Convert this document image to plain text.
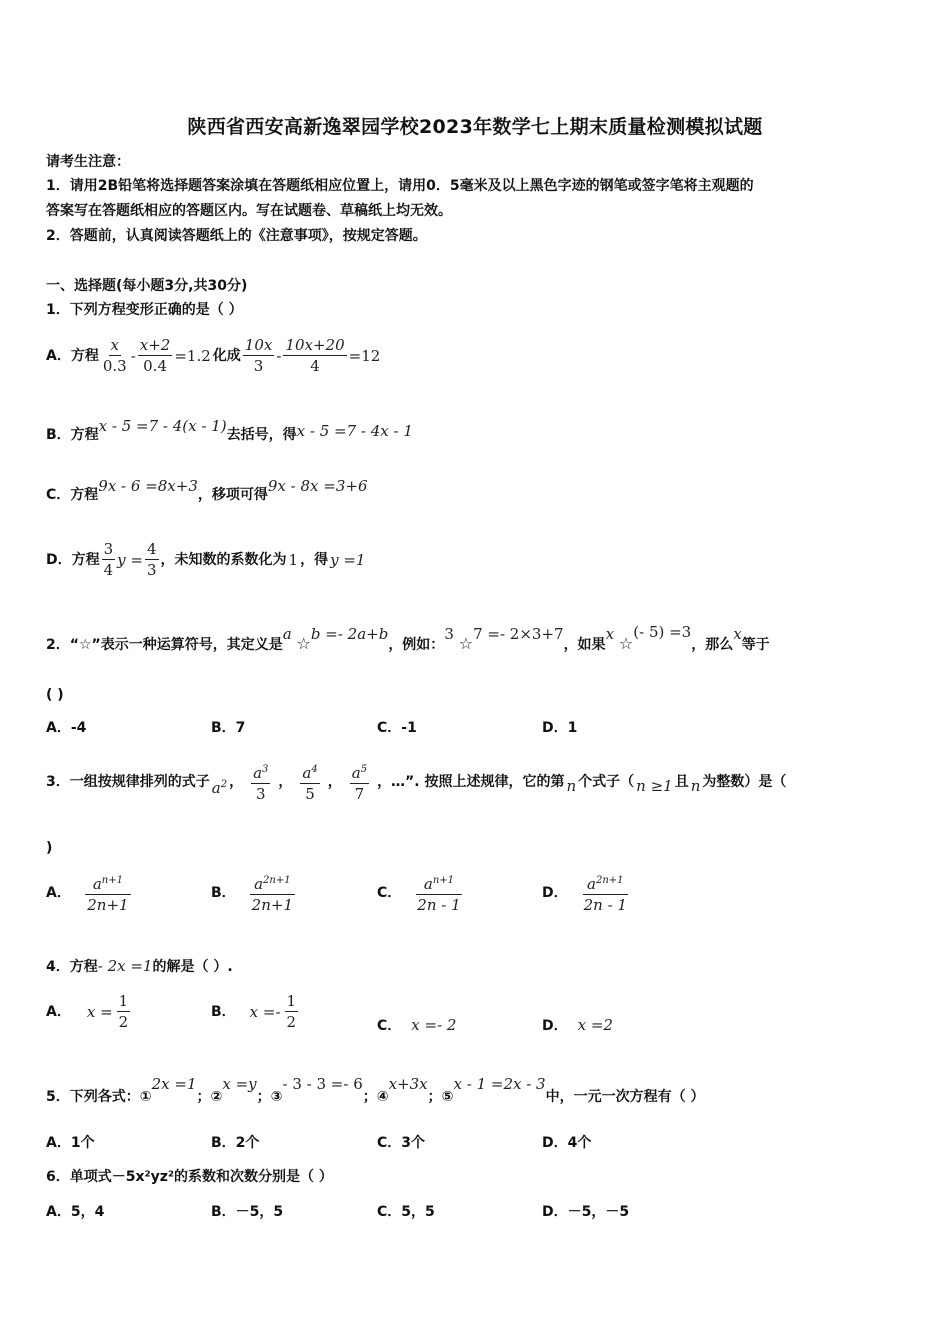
陕西省西安高新逸翠园学校2023年数学七上期末质量检测模拟试题
请考生注意：
1．请用2B铅笔将选择题答案涂填在答题纸相应位置上，请用0．5毫米及以上黑色字迹的钢笔或签字笔将主观题的
答案写在答题纸相应的答题区内。写在试题卷、草稿纸上均无效。
2．答题前，认真阅读答题纸上的《注意事项》，按规定答题。
一、选择题(每小题3分,共30分)
1．下列方程变形正确的是（ ）
A．方程 $\frac{x}{0.3} - \frac{x+2}{0.4} =1.2$ 化成 $\frac{10x}{3} - \frac{10x+20}{4} =12$
B．方程x - 5 =7 - 4(x - 1)去括号，得x - 5 =7 - 4x - 1
C．方程9x - 6 =8x+3，移项可得9x - 8x =3+6
D．方程 $\frac{3}{4}$ $y = \frac{4}{3}$ ，未知数的系数化为 1 ，得 y =1
2．“☆”表示一种运算符号，其定义是a ☆b =- 2a+b，例如：3 ☆7 =- 2×3+7，如果x ☆(- 5) =3，那么x等于
( )
A．-4	B．7	C．-1	D．1
3．一组按规律排列的式子 $a^2$ ， $\frac{a^3}{3}$ ， $\frac{a^4}{5}$ ， $\frac{a^5}{7}$ ，…”. 按照上述规律，它的第 n 个式子（ n ≥1 且 n 为整数）是（
)
A． $\frac{a^{n+1}}{2n+1}$	B． $\frac{a^{2n+1}}{2n+1}$	C． $\frac{a^{n+1}}{2n - 1}$	D． $\frac{a^{2n+1}}{2n - 1}$
4．方程- 2x =1的解是（ ）.
A． $x = \frac{1}{2}$	B． $x =- \frac{1}{2}$	C． x =- 2	D． x =2
5．下列各式：①2x =1；②x =y；③- 3 - 3 =- 6；④x+3x；⑤x - 1 =2x - 3中，一元一次方程有（ ）
A．1个	B．2个	C．3个	D．4个
6．单项式－5x²yz²的系数和次数分别是（ ）
A．5，4	B．－5，5	C．5，5	D．－5，－5
